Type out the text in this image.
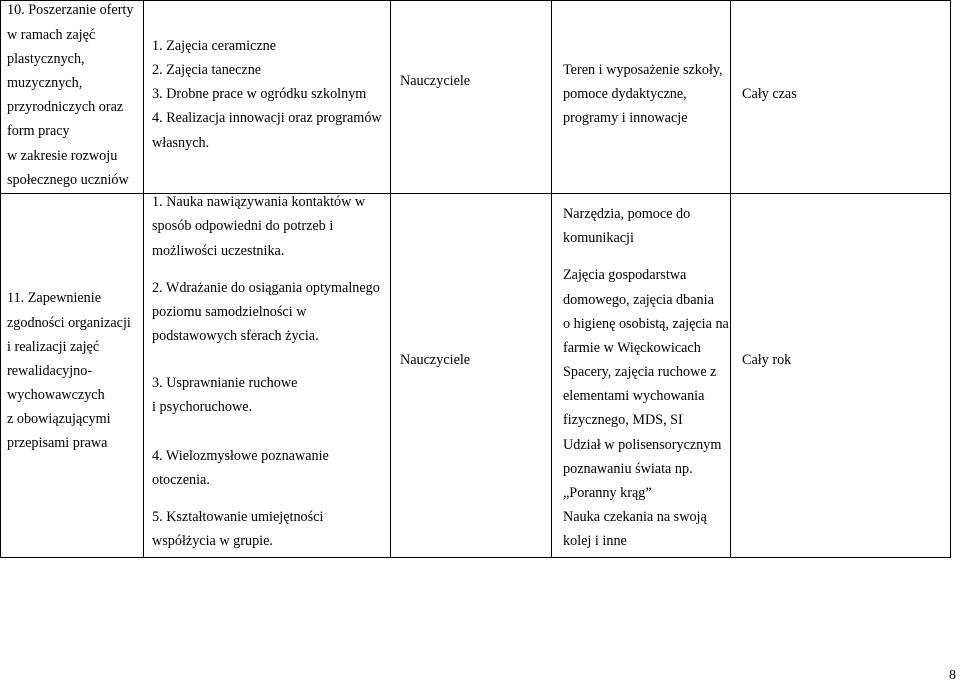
10. Poszerzanie oferty
w ramach zajęć
plastycznych,
muzycznych,
przyrodniczych oraz
form pracy
w zakresie rozwoju
społecznego uczniów
1. Zajęcia ceramiczne
2. Zajęcia taneczne
3. Drobne prace w ogródku szkolnym
4. Realizacja innowacji oraz programów
własnych.
Nauczyciele
Teren i wyposażenie szkoły,
pomoce dydaktyczne,
programy i innowacje
Cały czas
11. Zapewnienie
zgodności organizacji
i realizacji zajęć
rewalidacyjno-
wychowawczych
z obowiązującymi
przepisami prawa
1. Nauka nawiązywania kontaktów w
sposób odpowiedni do potrzeb i
możliwości uczestnika.
2. Wdrażanie do osiągania optymalnego
poziomu samodzielności w
podstawowych sferach życia.
3. Usprawnianie ruchowe
i psychoruchowe.
4. Wielozmysłowe poznawanie
otoczenia.
5. Kształtowanie umiejętności
współżycia w grupie.
Nauczyciele
Narzędzia, pomoce do
komunikacji
Zajęcia gospodarstwa
domowego, zajęcia dbania
o higienę osobistą, zajęcia na
farmie w Więckowicach
Spacery, zajęcia ruchowe z
elementami wychowania
fizycznego, MDS, SI
Udział w polisensorycznym
poznawaniu świata np.
„Poranny krąg”
Nauka czekania na swoją
kolej i inne
Cały rok
8
